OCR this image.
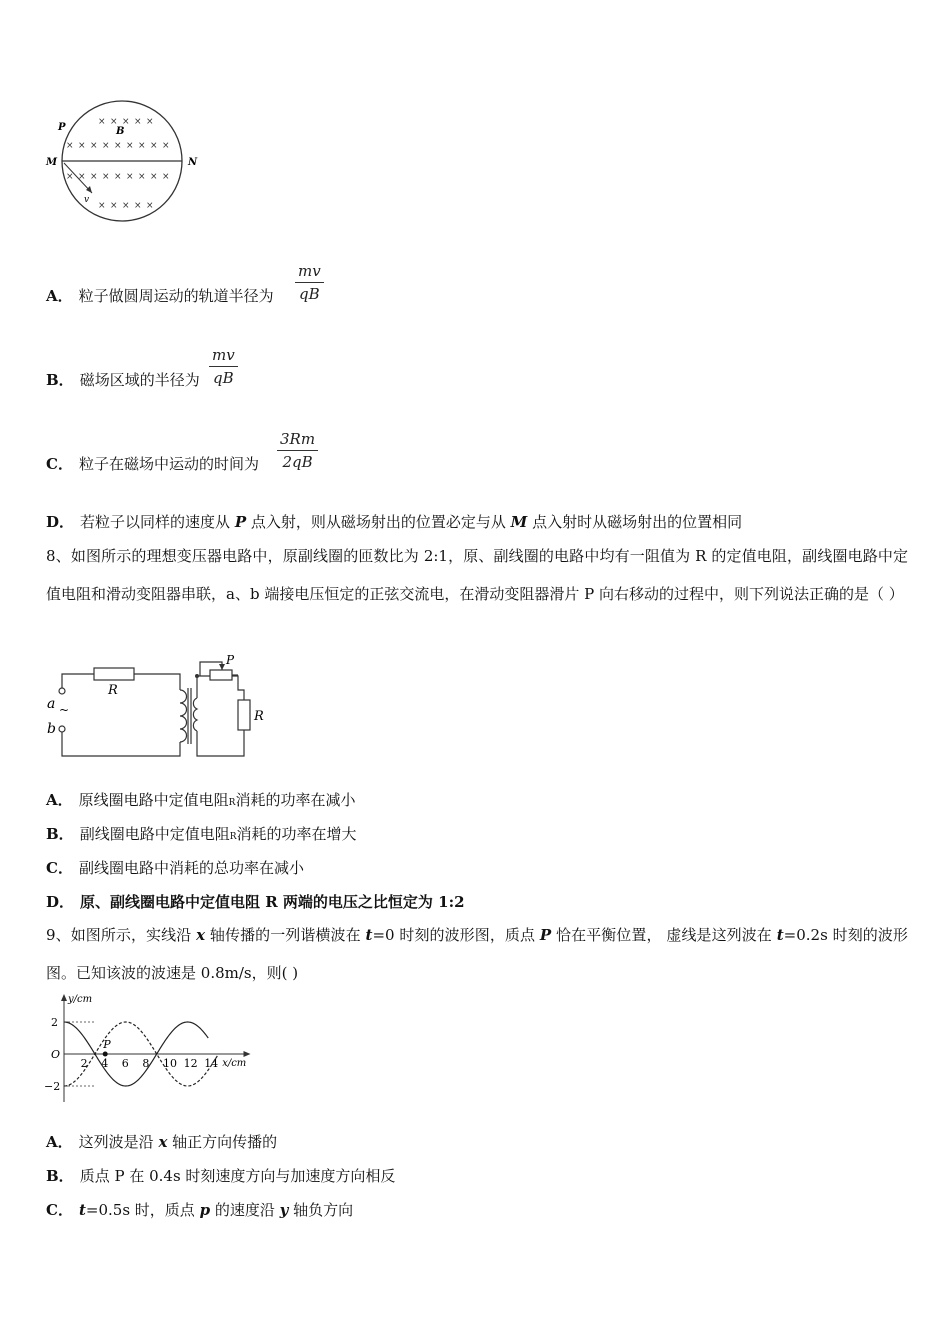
× × × × ×
× × × × × × × × ×
× × × × × × × × ×
× × × × ×
P	B
M	N
v
A． 粒子做圆周运动的轨道半径为
mv
qB
B． 磁场区域的半径为
mv
qB
C． 粒子在磁场中运动的时间为
3Rm
2qB
D． 若粒子以同样的速度从 P 点入射，则从磁场射出的位置必定与从 M 点入射时从磁场射出的位置相同
8、如图所示的理想变压器电路中，原副线圈的匝数比为 2:1，原、副线圈的电路中均有一阻值为 R 的定值电阻，副线圈电路中定值电阻和滑动变阻器串联，a、b 端接电压恒定的正弦交流电，在滑动变阻器滑片 P 向右移动的过程中，则下列说法正确的是（ ）
R
R
P
a ~
b
A． 原线圈电路中定值电阻R消耗的功率在减小
B． 副线圈电路中定值电阻R消耗的功率在增大
C． 副线圈电路中消耗的总功率在减小
D． 原、副线圈电路中定值电阻 R 两端的电压之比恒定为 1:2
9、如图所示，实线沿 x 轴传播的一列谐横波在 t=0 时刻的波形图，质点 P 恰在平衡位置， 虚线是这列波在 t=0.2s 时刻的波形图。已知该波的波速是 0.8m/s，则( )
y/cm
x/cm
2 4 6 8 10 12 14
2
O
−2
P
A． 这列波是沿 x 轴正方向传播的
B． 质点 P 在 0.4s 时刻速度方向与加速度方向相反
C． t=0.5s 时，质点 p 的速度沿 y 轴负方向
